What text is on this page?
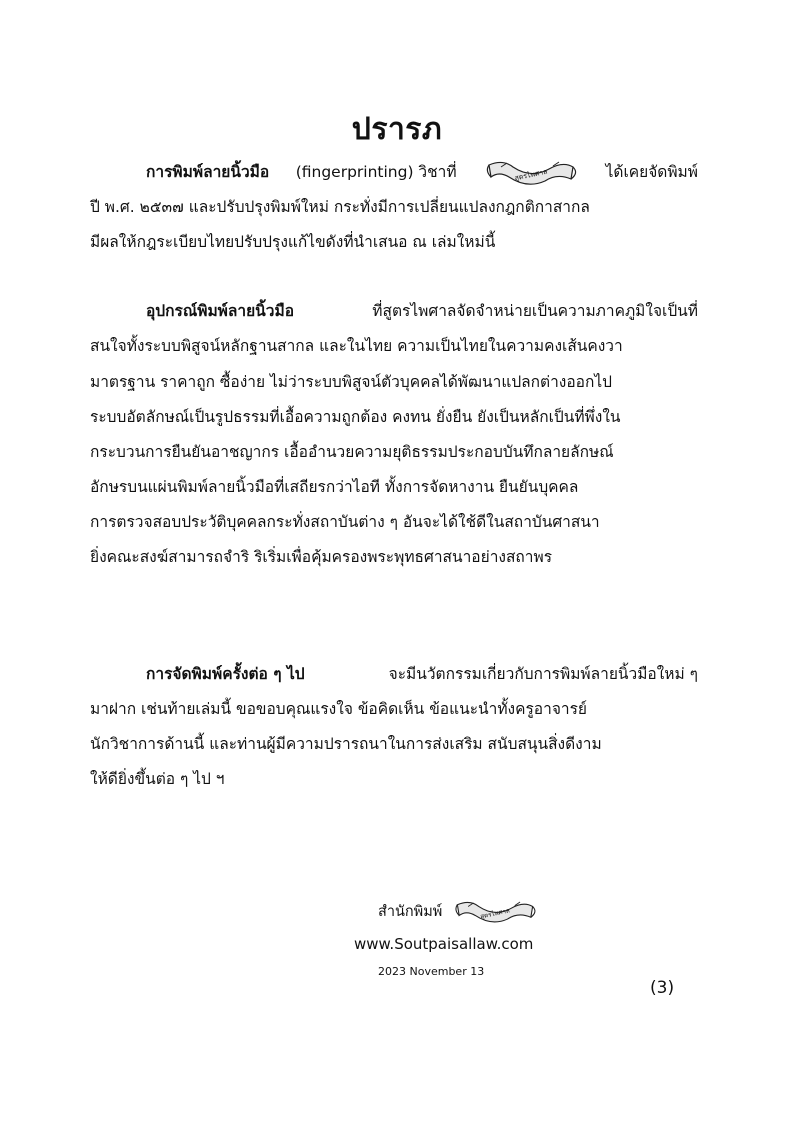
ปรารภ
การพิมพ์ลายนิ้วมือ (fingerprinting) วิชาที่	สูตรไพศาล	ได้เคยจัดพิมพ์
ปี พ.ศ. ๒๕๓๗ และปรับปรุงพิมพ์ใหม่ กระทั่งมีการเปลี่ยนแปลงกฎกติกาสากล
มีผลให้กฎระเบียบไทยปรับปรุงแก้ไขดังที่นำเสนอ ณ เล่มใหม่นี้
อุปกรณ์พิมพ์ลายนิ้วมือ	ที่สูตรไพศาลจัดจำหน่ายเป็นความภาคภูมิใจเป็นที่
สนใจทั้งระบบพิสูจน์หลักฐานสากล และในไทย ความเป็นไทยในความคงเส้นคงวา
มาตรฐาน ราคาถูก ซื้อง่าย ไม่ว่าระบบพิสูจน์ตัวบุคคลได้พัฒนาแปลกต่างออกไป
ระบบอัตลักษณ์เป็นรูปธรรมที่เอื้อความถูกต้อง คงทน ยั่งยืน ยังเป็นหลักเป็นที่พึ่งใน
กระบวนการยืนยันอาชญากร เอื้ออำนวยความยุติธรรมประกอบบันทึกลายลักษณ์
อักษรบนแผ่นพิมพ์ลายนิ้วมือที่เสถียรกว่าไอที ทั้งการจัดหางาน ยืนยันบุคคล
การตรวจสอบประวัติบุคคลกระทั่งสถาบันต่าง ๆ อันจะได้ใช้ดีในสถาบันศาสนา
ยิ่งคณะสงฆ์สามารถจำริ ริเริ่มเพื่อคุ้มครองพระพุทธศาสนาอย่างสถาพร
การจัดพิมพ์ครั้งต่อ ๆ ไป	จะมีนวัตกรรมเกี่ยวกับการพิมพ์ลายนิ้วมือใหม่ ๆ
มาฝาก เช่นท้ายเล่มนี้ ขอขอบคุณแรงใจ ข้อคิดเห็น ข้อแนะนำทั้งครูอาจารย์
นักวิชาการด้านนี้ และท่านผู้มีความปรารถนาในการส่งเสริม สนับสนุนสิ่งดีงาม
ให้ดียิ่งขึ้นต่อ ๆ ไป ฯ
สำนักพิมพ์	สูตรไพศาล
www.Soutpaisallaw.com
2023 November 13
(3)
